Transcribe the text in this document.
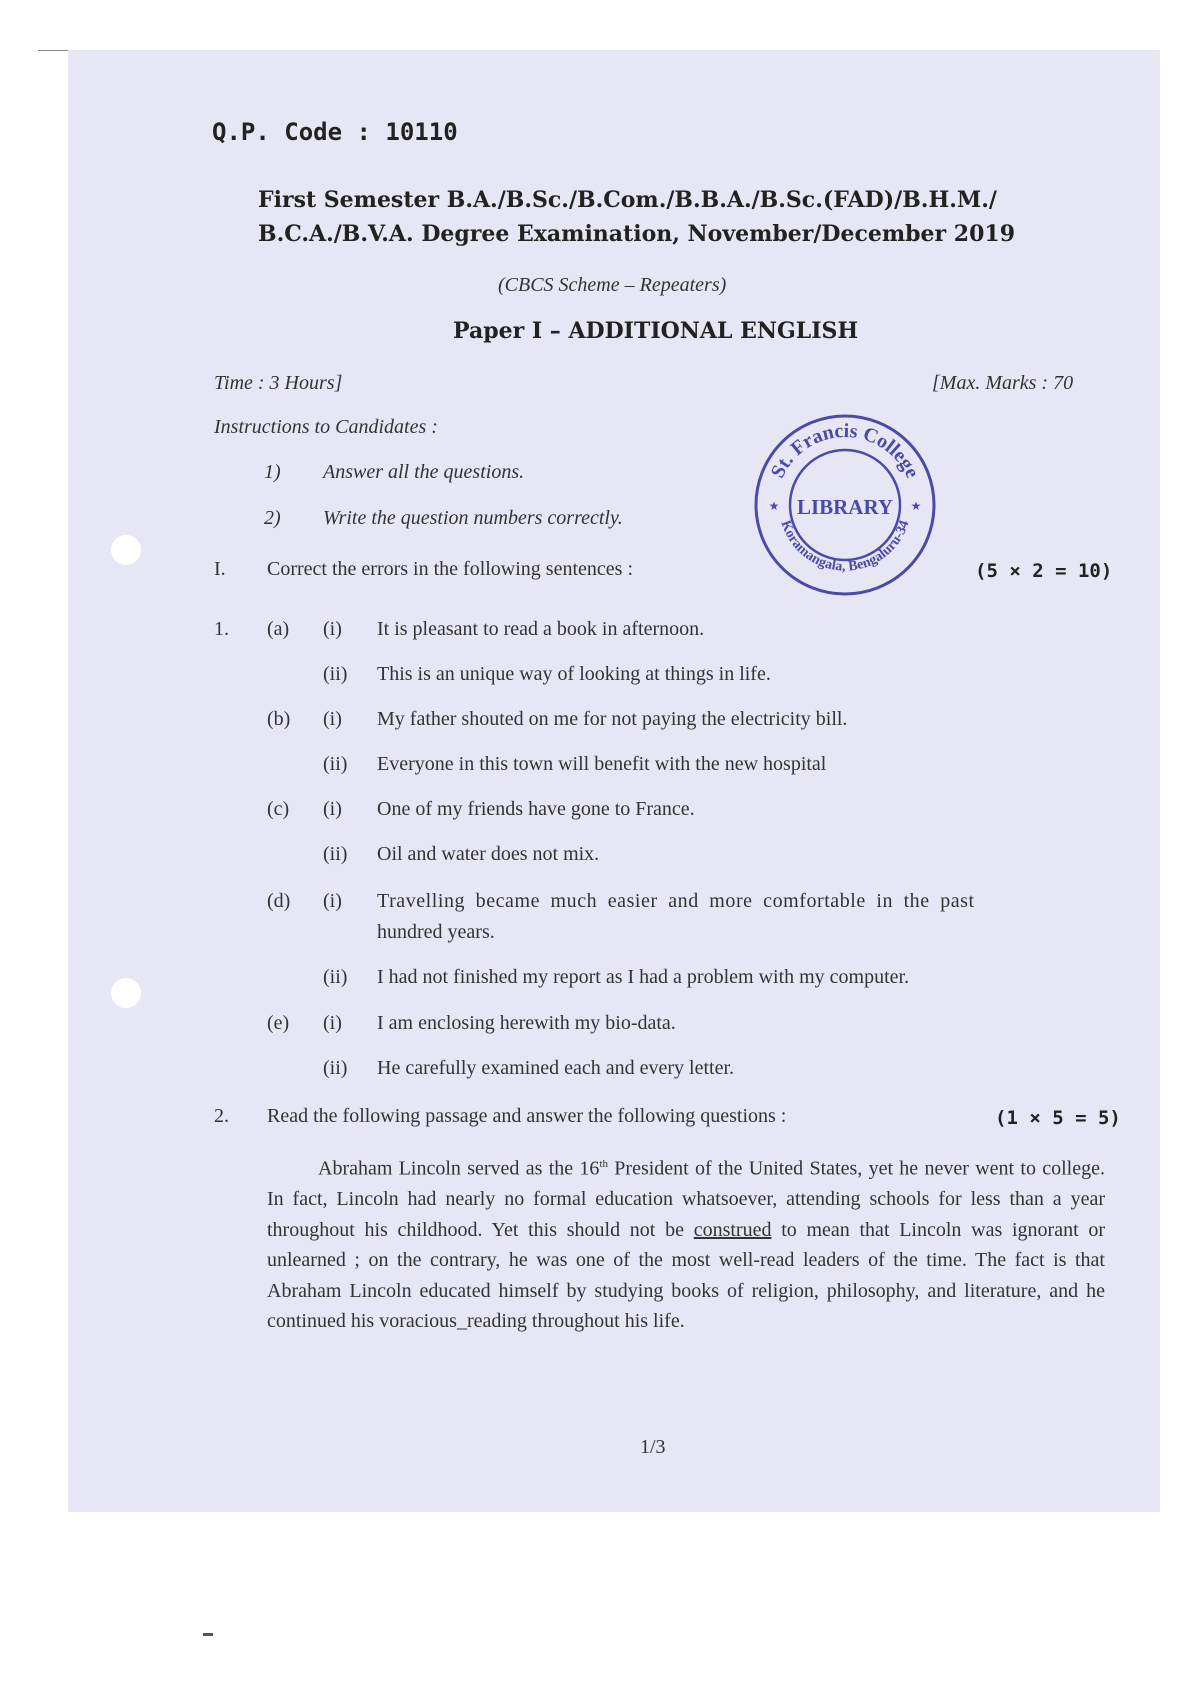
Q.P. Code : 10110
First Semester B.A./B.Sc./B.Com./B.B.A./B.Sc.(FAD)/B.H.M./
B.C.A./B.V.A. Degree Examination, November/December 2019
(CBCS Scheme – Repeaters)
Paper I – ADDITIONAL ENGLISH
Time : 3 Hours]	[Max. Marks : 70
Instructions to Candidates :
1) Answer all the questions.
2) Write the question numbers correctly.
St. Francis College
Koramangala, Bengaluru-34
LIBRARY
★	★
I. Correct the errors in the following sentences :	(5 × 2 = 10)
1. (a) (i) It is pleasant to read a book in afternoon.
(ii) This is an unique way of looking at things in life.
(b) (i) My father shouted on me for not paying the electricity bill.
(ii) Everyone in this town will benefit with the new hospital
(c) (i) One of my friends have gone to France.
(ii) Oil and water does not mix.
(d) (i) Travelling became much easier and more comfortable in the past
hundred years.
(ii) I had not finished my report as I had a problem with my computer.
(e) (i) I am enclosing herewith my bio-data.
(ii) He carefully examined each and every letter.
2. Read the following passage and answer the following questions :	(1 × 5 = 5)
Abraham Lincoln served as the 16th President of the United States, yet he never went to college. In fact, Lincoln had nearly no formal education whatsoever, attending schools for less than a year throughout his childhood. Yet this should not be construed to mean that Lincoln was ignorant or unlearned ; on the contrary, he was one of the most well-read leaders of the time. The fact is that Abraham Lincoln educated himself by studying books of religion, philosophy, and literature, and he continued his voracious_reading throughout his life.
1/3
